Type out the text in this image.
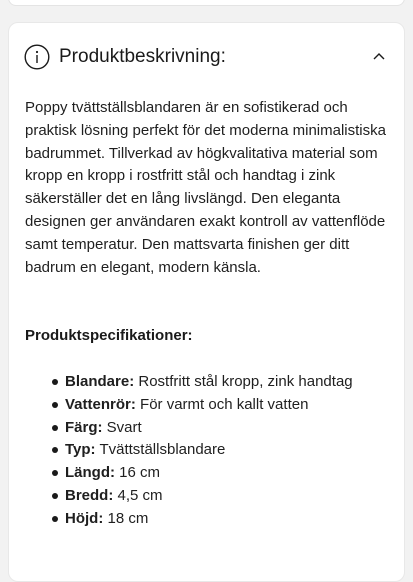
Produktbeskrivning:

Poppy tvättställsblandaren är en sofistikerad och praktisk lösning perfekt för det moderna minimalistiska badrummet. Tillverkad av högkvalitativa material som kropp en kropp i rostfritt stål och handtag i zink säkerställer det en lång livslängd. Den eleganta designen ger användaren exakt kontroll av vattenflöde samt temperatur. Den mattsvarta finishen ger ditt badrum en elegant, modern känsla.

Produktspecifikationer:

Blandare: Rostfritt stål kropp, zink handtag
Vattenrör: För varmt och kallt vatten
Färg: Svart
Typ: Tvättställsblandare
Längd: 16 cm
Bredd: 4,5 cm
Höjd: 18 cm
